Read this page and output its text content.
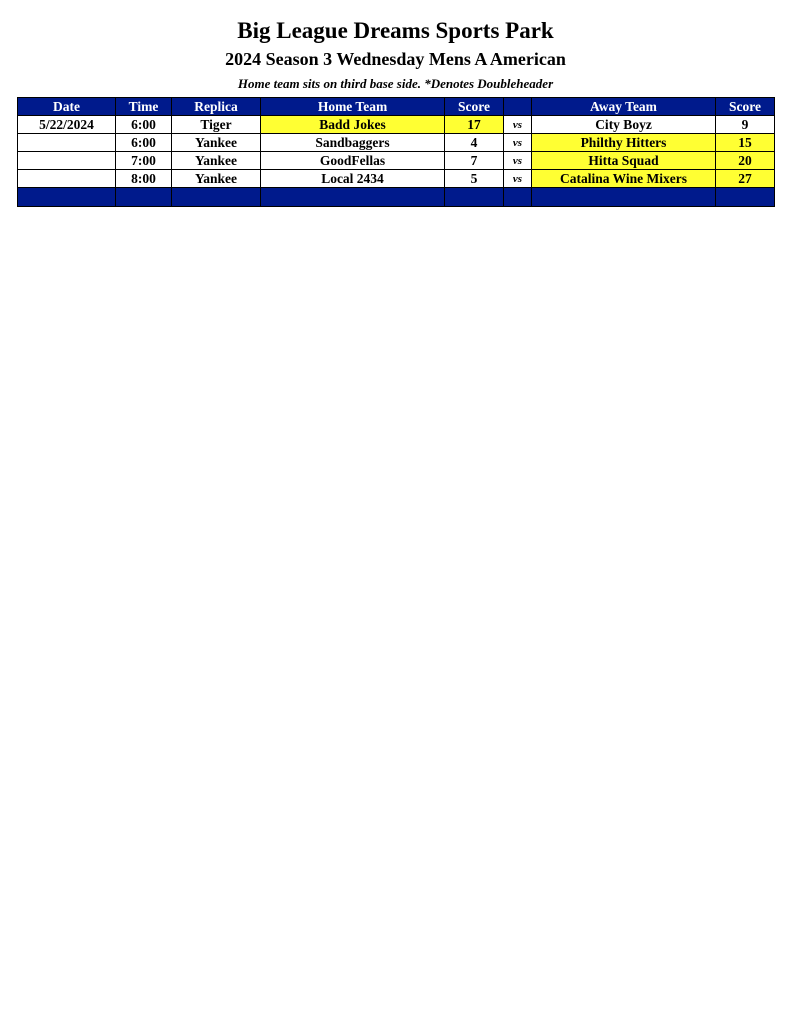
Big League Dreams Sports Park
2024 Season 3 Wednesday Mens A American
Home team sits on third base side. *Denotes Doubleheader
Date	Time	Replica	Home Team	Score		Away Team	Score
5/22/2024	6:00	Tiger	Badd Jokes	17	vs	City Boyz	9
	6:00	Yankee	Sandbaggers	4	vs	Philthy Hitters	15
	7:00	Yankee	GoodFellas	7	vs	Hitta Squad	20
	8:00	Yankee	Local 2434	5	vs	Catalina Wine Mixers	27
